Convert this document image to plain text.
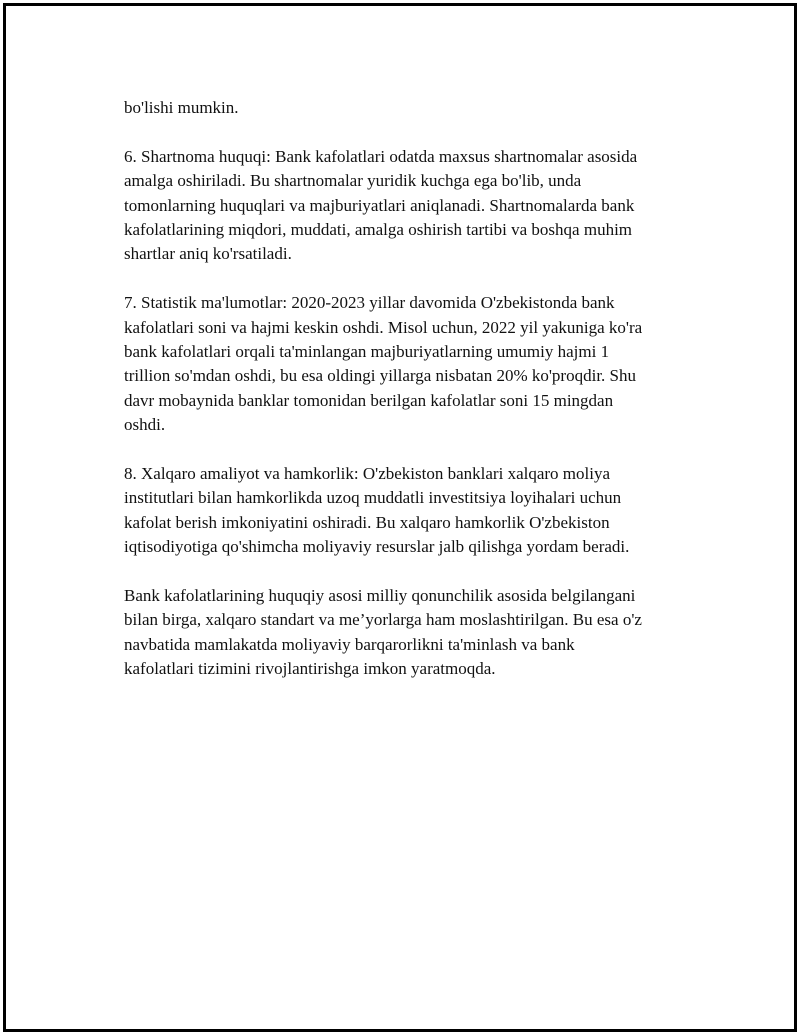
bo'lishi mumkin.

6. Shartnoma huquqi: Bank kafolatlari odatda maxsus shartnomalar asosida
amalga oshiriladi. Bu shartnomalar yuridik kuchga ega bo'lib, unda
tomonlarning huquqlari va majburiyatlari aniqlanadi. Shartnomalarda bank
kafolatlarining miqdori, muddati, amalga oshirish tartibi va boshqa muhim
shartlar aniq ko'rsatiladi.

7. Statistik ma'lumotlar: 2020-2023 yillar davomida O'zbekistonda bank
kafolatlari soni va hajmi keskin oshdi. Misol uchun, 2022 yil yakuniga ko'ra
bank kafolatlari orqali ta'minlangan majburiyatlarning umumiy hajmi 1
trillion so'mdan oshdi, bu esa oldingi yillarga nisbatan 20% ko'proqdir. Shu
davr mobaynida banklar tomonidan berilgan kafolatlar soni 15 mingdan
oshdi.

8. Xalqaro amaliyot va hamkorlik: O'zbekiston banklari xalqaro moliya
institutlari bilan hamkorlikda uzoq muddatli investitsiya loyihalari uchun
kafolat berish imkoniyatini oshiradi. Bu xalqaro hamkorlik O'zbekiston
iqtisodiyotiga qo'shimcha moliyaviy resurslar jalb qilishga yordam beradi.

Bank kafolatlarining huquqiy asosi milliy qonunchilik asosida belgilangani
bilan birga, xalqaro standart va me’yorlarga ham moslashtirilgan. Bu esa o'z
navbatida mamlakatda moliyaviy barqarorlikni ta'minlash va bank
kafolatlari tizimini rivojlantirishga imkon yaratmoqda.
